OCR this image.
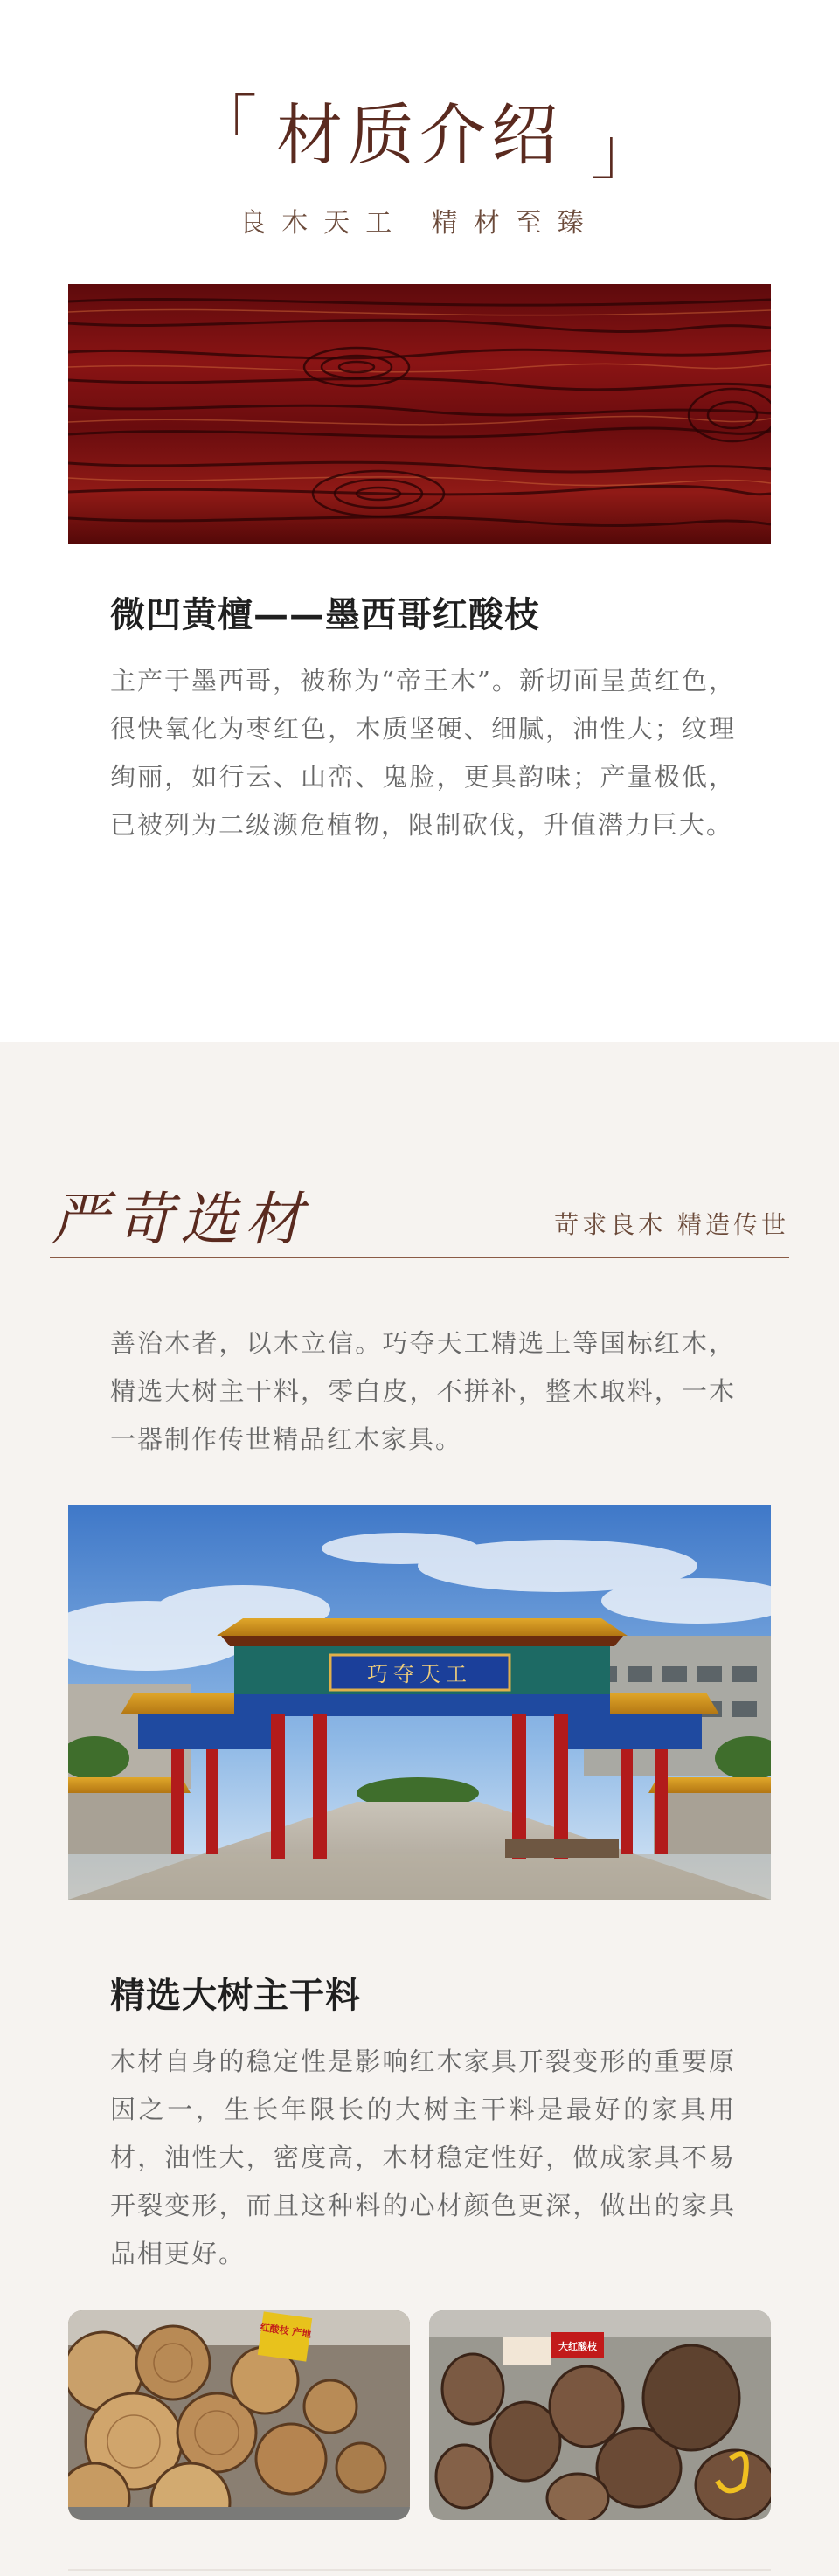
「 材质介绍 」
良木天工 精材至臻
微凹黄檀——墨西哥红酸枝
主产于墨西哥，被称为“帝王木”。新切面呈黄红色，很快氧化为枣红色，木质坚硬、细腻，油性大；纹理绚丽，如行云、山峦、鬼脸，更具韵味；产量极低，已被列为二级濒危植物，限制砍伐，升值潜力巨大。
严苛选材	苛求良木 精造传世
善治木者，以木立信。巧夺天工精选上等国标红木，精选大树主干料，零白皮，不拼补，整木取料，一木一器制作传世精品红木家具。
巧夺天工
精选大树主干料
木材自身的稳定性是影响红木家具开裂变形的重要原因之一，生长年限长的大树主干料是最好的家具用材，油性大，密度高，木材稳定性好，做成家具不易开裂变形，而且这种料的心材颜色更深，做出的家具品相更好。
红酸枝 产地
大红酸枝
